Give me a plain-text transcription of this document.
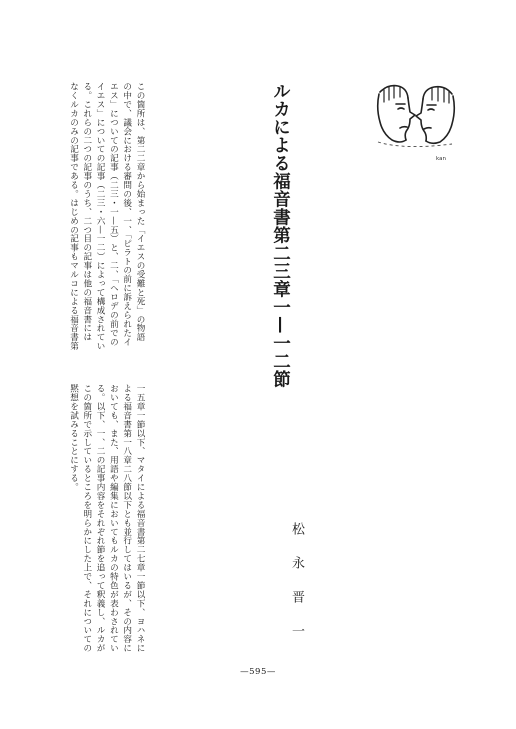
kan
ルカによる福音書第二三章一—一二節
松永晋一
この箇所は、第二二章から始まった「イエスの受難と死」の物語
の中で、議会における審問の後、一、「ピラトの前に訴えられたイ
エス」についての記事（二三・一—五）と、二、「ヘロデの前での
イエス」についての記事（二三・六—一二）によって構成されてい
る。これらの二つの記事のうち、二つ目の記事は他の福音書には
なくルカのみの記事である。はじめの記事もマルコによる福音書第
一五章一節以下、マタイによる福音書第二七章一節以下、ヨハネに
よる福音書第一八章二八節以下とも並行してはいるが、その内容に
おいても、また、用語や編集においてもルカの特色が表わされてい
る。以下、一、二の記事内容をそれぞれ節を追って釈義し、ルカが
この箇所で示しているところを明らかにした上で、それについての
黙想を試みることにする。
—595—
